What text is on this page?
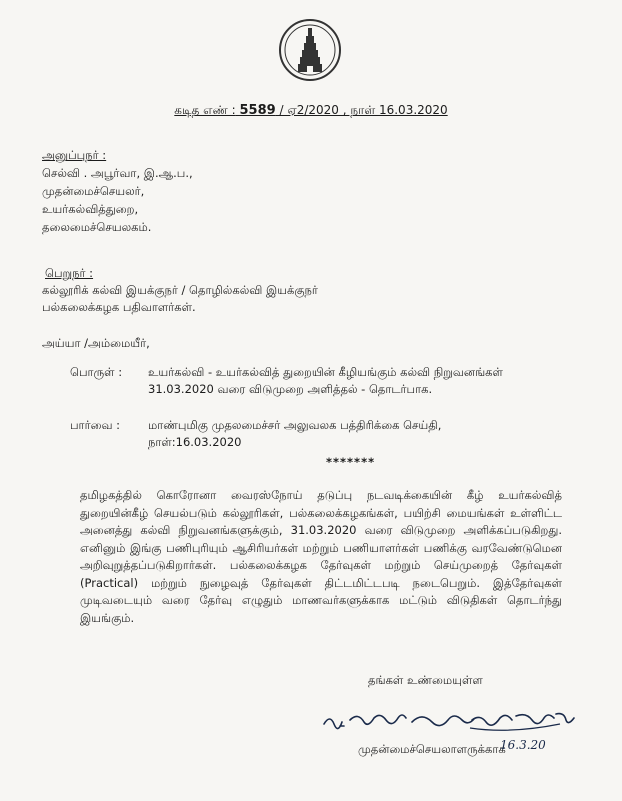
கடித எண் : 5589 / ஏ2/2020 , நாள் 16.03.2020
அனுப்புநர் :
செல்வி . அபூர்வா, இ.ஆ.ப.,
முதன்மைச்செயலர்,
உயர்கல்வித்துறை,
தலைமைச்செயலகம்.
பெறுநர் :
கல்லூரிக் கல்வி இயக்குநர் / தொழில்கல்வி இயக்குநர்
பல்கலைக்கழக பதிவாளர்கள்.
அய்யா /அம்மையீர்,
பொருள் : உயர்கல்வி - உயர்கல்வித் துறையின் கீழியங்கும் கல்வி நிறுவனங்கள்
31.03.2020 வரை விடுமுறை அளித்தல் - தொடர்பாக.
பார்வை : மாண்புமிகு முதலமைச்சர் அலுவலக பத்திரிக்கை செய்தி,
நாள்:16.03.2020
*******
தமிழகத்தில் கொரோனா வைரஸ்நோய் தடுப்பு நடவடிக்கையின் கீழ் உயர்கல்வித் துறையின்கீழ் செயல்படும் கல்லூரிகள், பல்கலைக்கழகங்கள், பயிற்சி மையங்கள் உள்ளிட்ட அனைத்து கல்வி நிறுவனங்களுக்கும், 31.03.2020 வரை விடுமுறை அளிக்கப்படுகிறது. எனினும் இங்கு பணிபுரியும் ஆசிரியர்கள் மற்றும் பணியாளர்கள் பணிக்கு வரவேண்டுமென அறிவுறுத்தப்படுகிறார்கள். பல்கலைக்கழக தேர்வுகள் மற்றும் செய்முறைத் தேர்வுகள் (Practical) மற்றும் நுழைவுத் தேர்வுகள் திட்டமிட்டபடி நடைபெறும். இத்தேர்வுகள் முடிவடையும் வரை தேர்வு எழுதும் மாணவர்களுக்காக மட்டும் விடுதிகள் தொடர்ந்து இயங்கும்.
தங்கள் உண்மையுள்ள
முதன்மைச்செயலாளருக்காக
16.3.20
